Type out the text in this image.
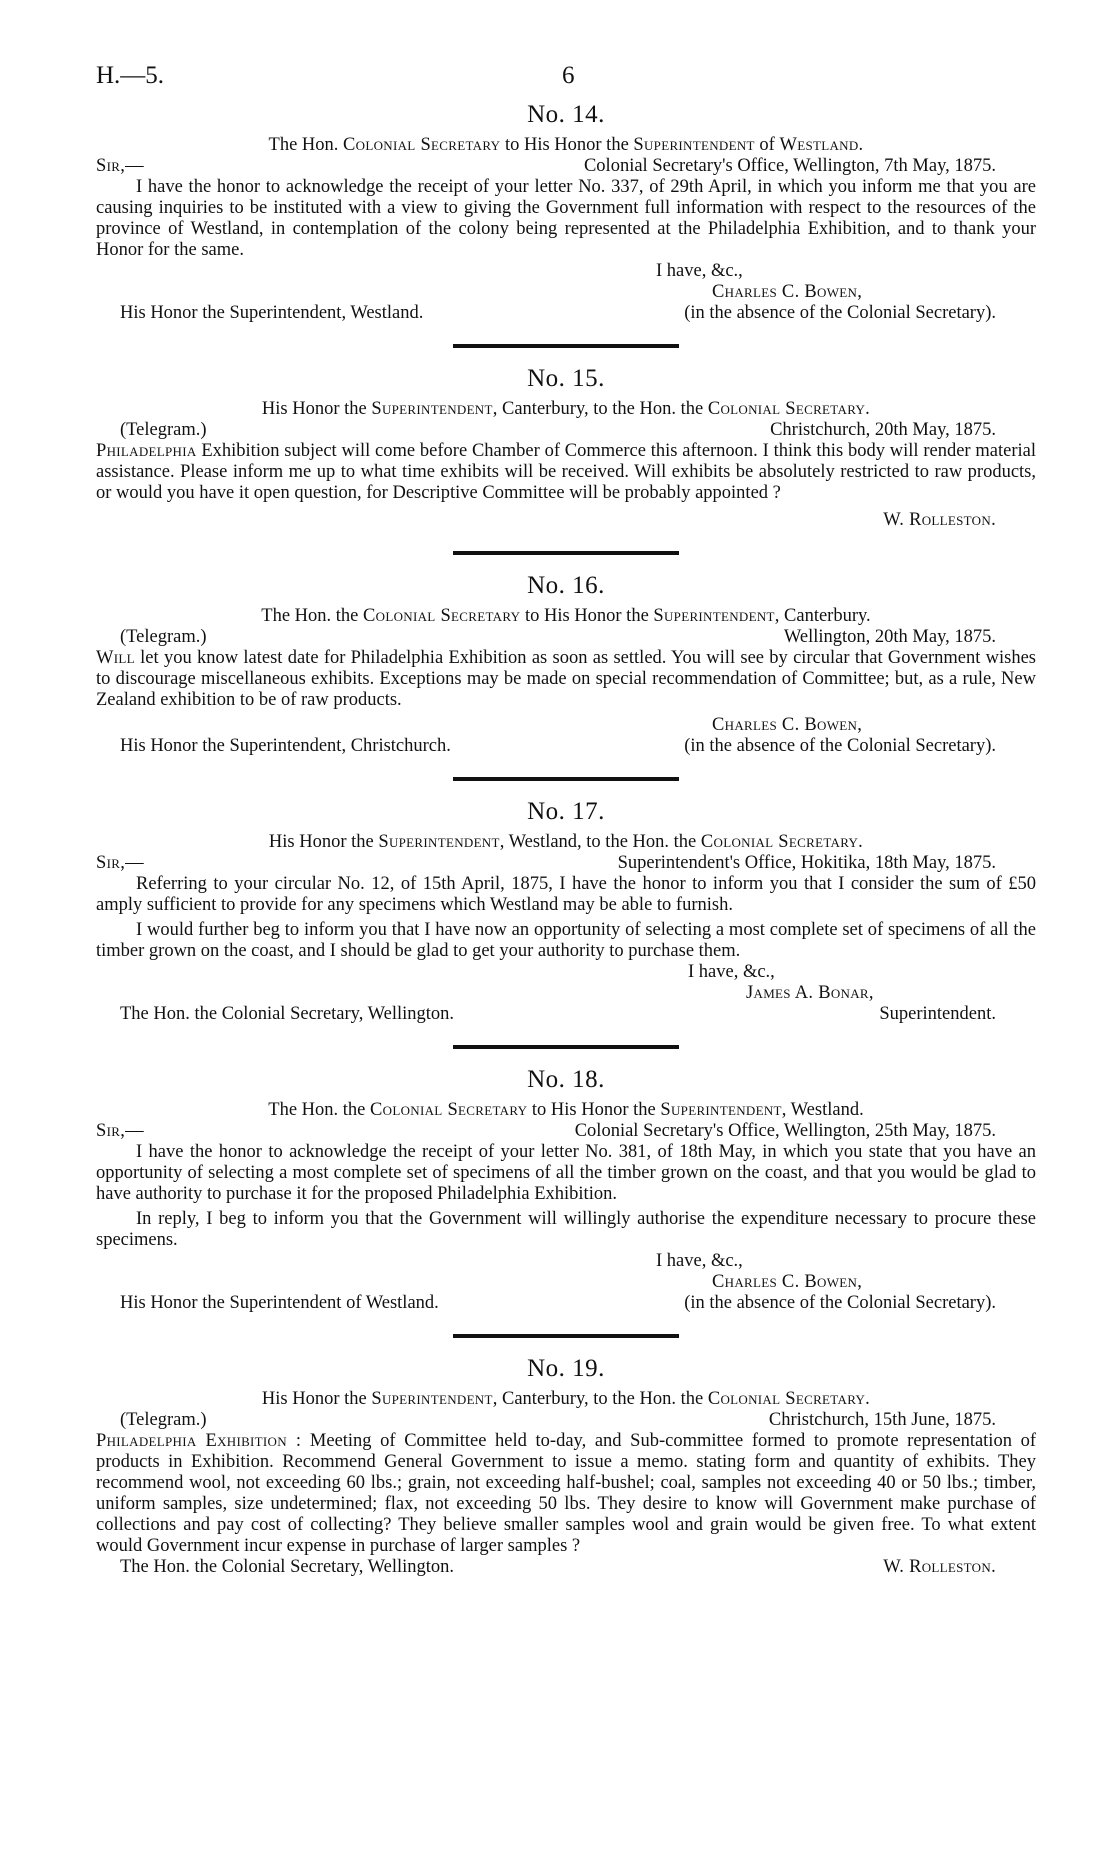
H.—5.	6
No. 14.
The Hon. Colonial Secretary to His Honor the Superintendent of Westland.
Sir,—	Colonial Secretary's Office, Wellington, 7th May, 1875.
I have the honor to acknowledge the receipt of your letter No. 337, of 29th April, in which you inform me that you are causing inquiries to be instituted with a view to giving the Government full information with respect to the resources of the province of Westland, in contemplation of the colony being represented at the Philadelphia Exhibition, and to thank your Honor for the same.
I have, &c.,

Charles C. Bowen,

His Honor the Superintendent, Westland.	(in the absence of the Colonial Secretary).
No. 15.
His Honor the Superintendent, Canterbury, to the Hon. the Colonial Secretary.
(Telegram.)	Christchurch, 20th May, 1875.
Philadelphia Exhibition subject will come before Chamber of Commerce this afternoon. I think this body will render material assistance. Please inform me up to what time exhibits will be received. Will exhibits be absolutely restricted to raw products, or would you have it open question, for Descriptive Committee will be probably appointed ?
W. Rolleston.
No. 16.
The Hon. the Colonial Secretary to His Honor the Superintendent, Canterbury.
(Telegram.)	Wellington, 20th May, 1875.
Will let you know latest date for Philadelphia Exhibition as soon as settled. You will see by circular that Government wishes to discourage miscellaneous exhibits. Exceptions may be made on special recommendation of Committee; but, as a rule, New Zealand exhibition to be of raw products.
Charles C. Bowen,

His Honor the Superintendent, Christchurch.	(in the absence of the Colonial Secretary).
No. 17.
His Honor the Superintendent, Westland, to the Hon. the Colonial Secretary.
Sir,—	Superintendent's Office, Hokitika, 18th May, 1875.
Referring to your circular No. 12, of 15th April, 1875, I have the honor to inform you that I consider the sum of £50 amply sufficient to provide for any specimens which Westland may be able to furnish.
I would further beg to inform you that I have now an opportunity of selecting a most complete set of specimens of all the timber grown on the coast, and I should be glad to get your authority to purchase them.
I have, &c.,

James A. Bonar,

The Hon. the Colonial Secretary, Wellington.	Superintendent.
No. 18.
The Hon. the Colonial Secretary to His Honor the Superintendent, Westland.
Sir,—	Colonial Secretary's Office, Wellington, 25th May, 1875.
I have the honor to acknowledge the receipt of your letter No. 381, of 18th May, in which you state that you have an opportunity of selecting a most complete set of specimens of all the timber grown on the coast, and that you would be glad to have authority to purchase it for the proposed Philadelphia Exhibition.
In reply, I beg to inform you that the Government will willingly authorise the expenditure necessary to procure these specimens.
I have, &c.,

Charles C. Bowen,

His Honor the Superintendent of Westland.	(in the absence of the Colonial Secretary).
No. 19.
His Honor the Superintendent, Canterbury, to the Hon. the Colonial Secretary.
(Telegram.)	Christchurch, 15th June, 1875.
Philadelphia Exhibition : Meeting of Committee held to-day, and Sub-committee formed to promote representation of products in Exhibition. Recommend General Government to issue a memo. stating form and quantity of exhibits. They recommend wool, not exceeding 60 lbs.; grain, not exceeding half-bushel; coal, samples not exceeding 40 or 50 lbs.; timber, uniform samples, size undetermined; flax, not exceeding 50 lbs. They desire to know will Government make purchase of collections and pay cost of collecting? They believe smaller samples wool and grain would be given free. To what extent would Government incur expense in purchase of larger samples ?
The Hon. the Colonial Secretary, Wellington.	W. Rolleston.
